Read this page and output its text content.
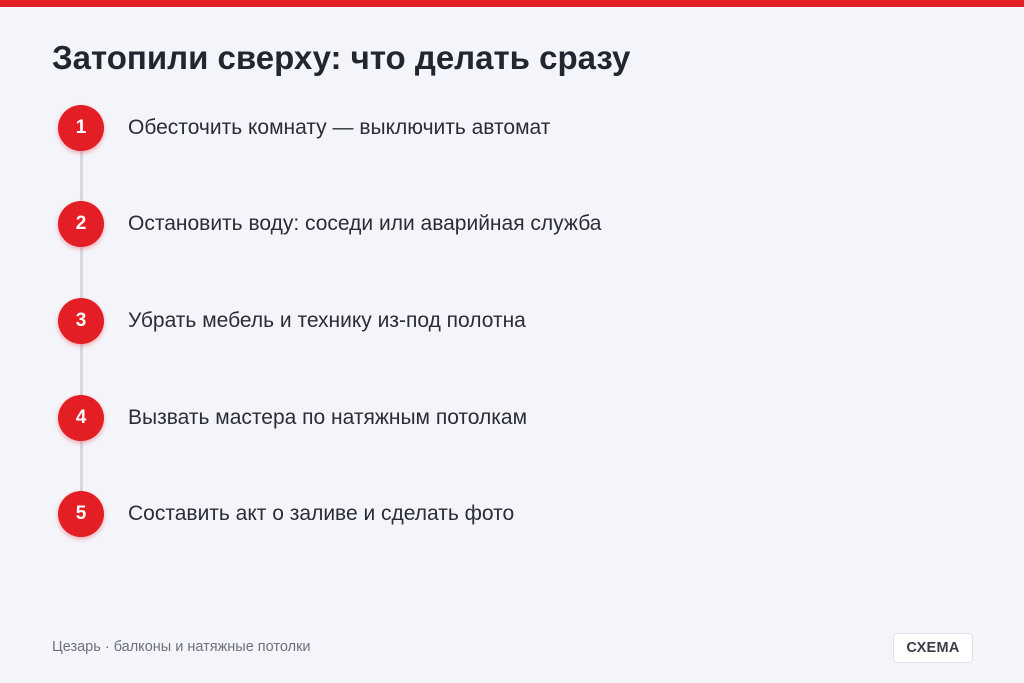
Затопили сверху: что делать сразу
1	Обесточить комнату — выключить автомат
2	Остановить воду: соседи или аварийная служба
3	Убрать мебель и технику из-под полотна
4	Вызвать мастера по натяжным потолкам
5	Составить акт о заливе и сделать фото
Цезарь · балконы и натяжные потолки	СХЕМА
